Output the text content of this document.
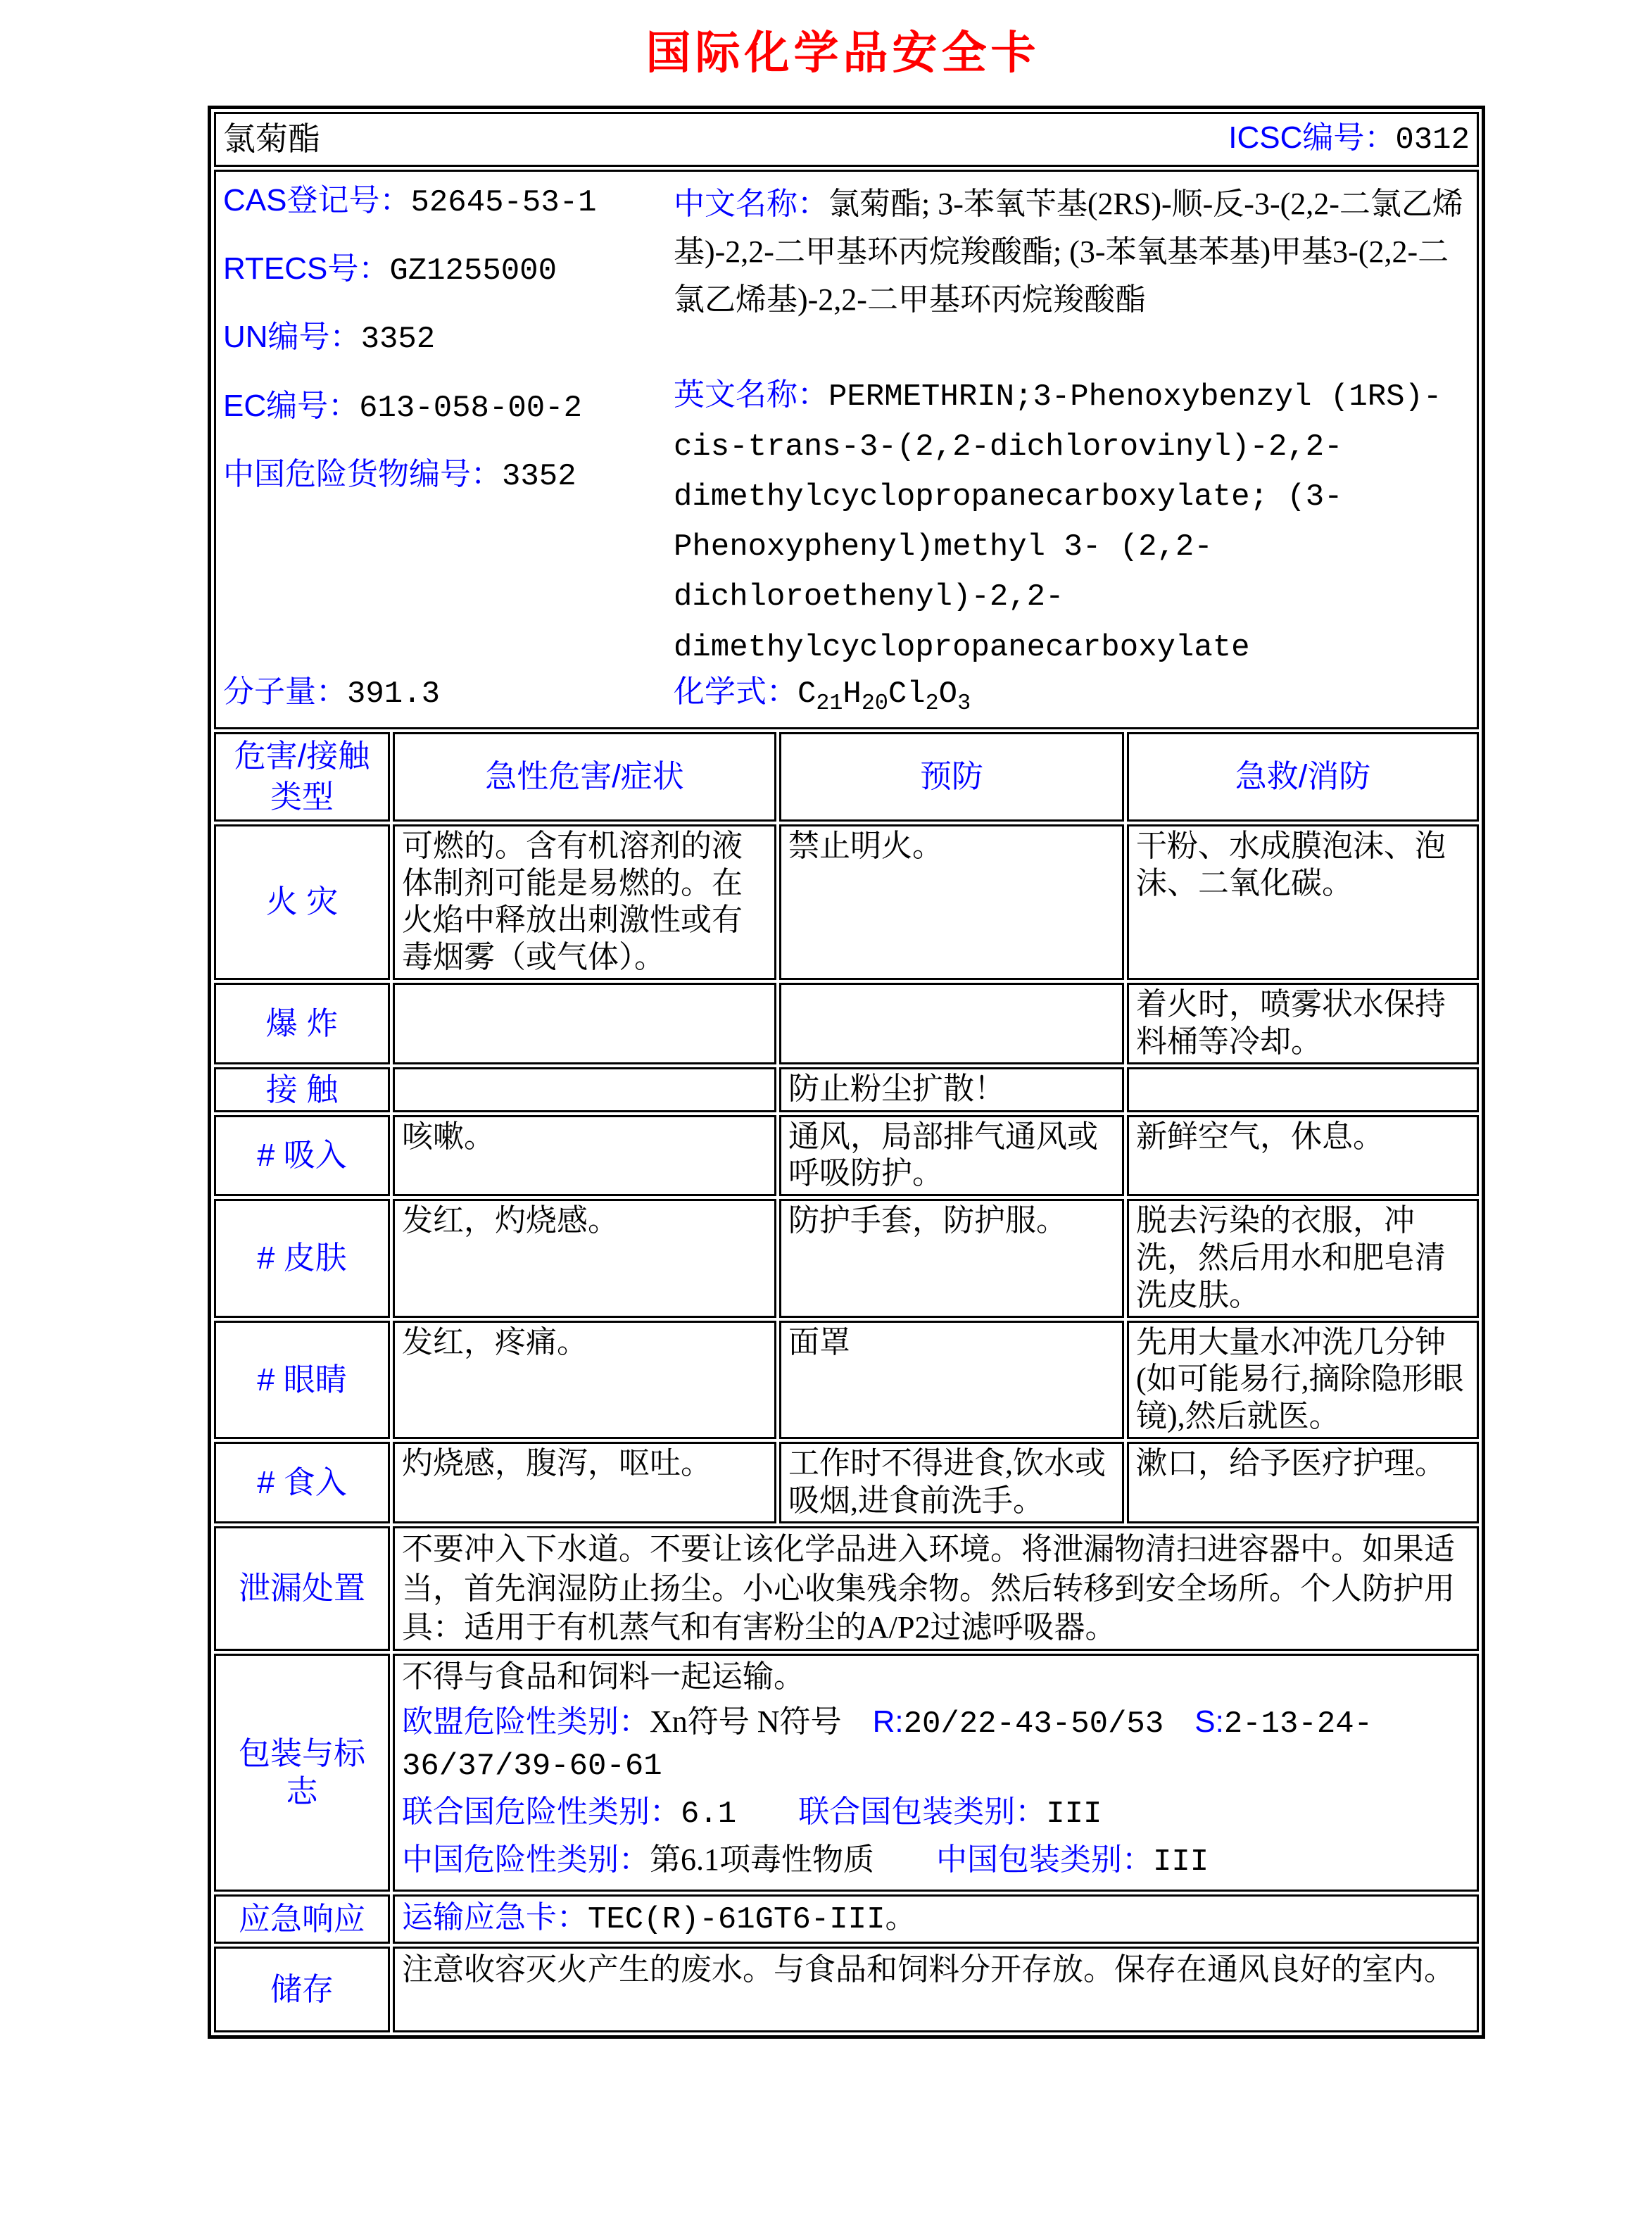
国际化学品安全卡
氯菊酯 ICSC编号：0312			

CAS登记号：52645-53-1
RTECS号：GZ1255000
UN编号：3352
EC编号：613-058-00-2
中国危险货物编号：3352
分子量：391.3
中文名称：氯菊酯; 3-苯氧苄基(2RS)-顺-反-3-(2,2-二氯乙烯基)-2,2-二甲基环丙烷羧酸酯; (3-苯氧基苯基)甲基3-(2,2-二氯乙烯基)-2,2-二甲基环丙烷羧酸酯
英文名称：PERMETHRIN;3-Phenoxybenzyl (1RS)-cis-trans-3-(2,2-dichlorovinyl)-2,2-dimethylcyclopropanecarboxylate; (3-Phenoxyphenyl)methyl 3- (2,2-dichloroethenyl)-2,2-dimethylcyclopropanecarboxylate
化学式：$C_{21}H_{20}Cl_2O_3$

危害/接触类型	急性危害/症状	预防	急救/消防
火 灾	可燃的。含有机溶剂的液体制剂可能是易燃的。在火焰中释放出刺激性或有毒烟雾（或气体）。	禁止明火。	干粉、水成膜泡沫、泡沫、二氧化碳。
爆 炸			着火时，喷雾状水保持料桶等冷却。
接 触		防止粉尘扩散！	
# 吸入	咳嗽。	通风，局部排气通风或呼吸防护。	新鲜空气，休息。
# 皮肤	发红，灼烧感。	防护手套，防护服。	脱去污染的衣服，冲洗，然后用水和肥皂清洗皮肤。
# 眼睛	发红，疼痛。	面罩	先用大量水冲洗几分钟(如可能易行,摘除隐形眼镜),然后就医。
# 食入	灼烧感，腹泻，呕吐。	工作时不得进食,饮水或吸烟,进食前洗手。	漱口，给予医疗护理。
泄漏处置	不要冲入下水道。不要让该化学品进入环境。将泄漏物清扫进容器中。如果适当，首先润湿防止扬尘。小心收集残余物。然后转移到安全场所。个人防护用具：适用于有机蒸气和有害粉尘的A/P2过滤呼吸器。		

包装与标志	不得与食品和饲料一起运输。
欧盟危险性类别：Xn符号 N符号　R:20/22-43-50/53　 S:2-13-24-36/37/39-60-61
联合国危险性类别：6.1　　 联合国包装类别：III
中国危险性类别：第6.1项毒性物质　　 中国包装类别：III		

应急响应	运输应急卡：TEC(R)-61GT6-III。		

储存	注意收容灭火产生的废水。与食品和饲料分开存放。保存在通风良好的室内。		
